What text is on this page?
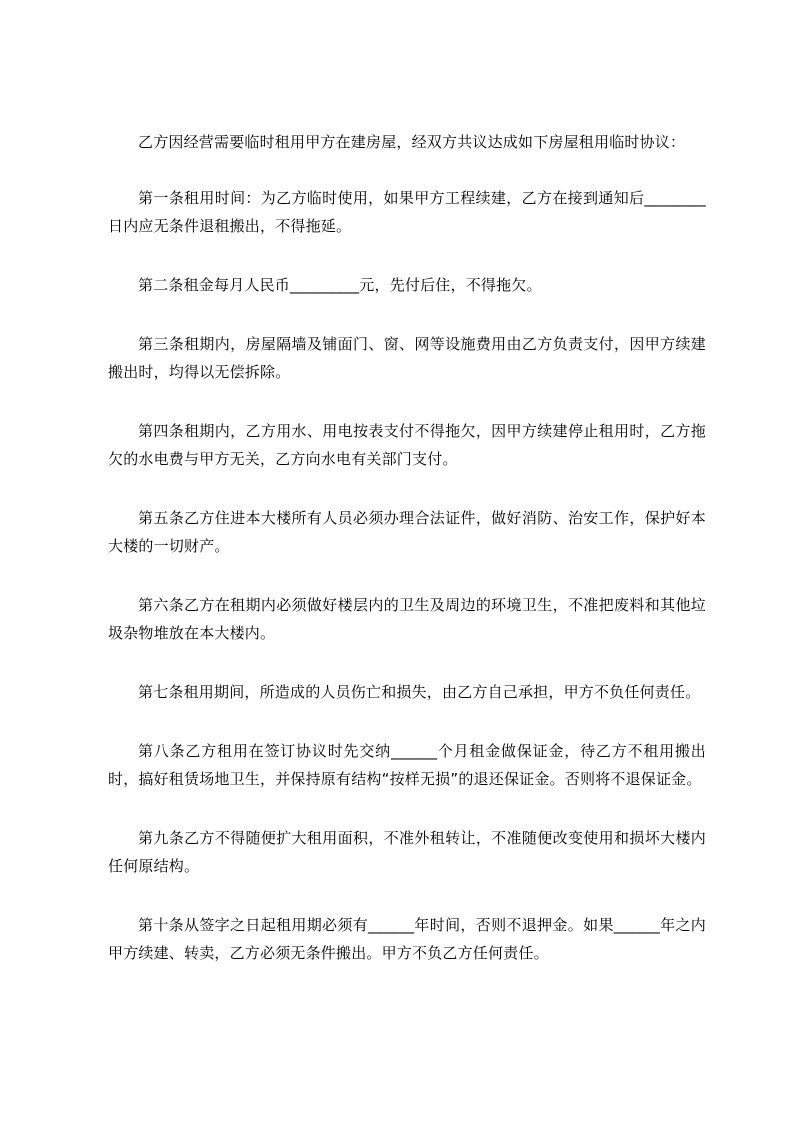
乙方因经营需要临时租用甲方在建房屋，经双方共议达成如下房屋租用临时协议：

第一条租用时间：为乙方临时使用，如果甲方工程续建，乙方在接到通知后________日内应无条件退租搬出，不得拖延。

第二条租金每月人民币_________元，先付后住，不得拖欠。

第三条租期内，房屋隔墙及铺面门、窗、网等设施费用由乙方负责支付，因甲方续建搬出时，均得以无偿拆除。

第四条租期内，乙方用水、用电按表支付不得拖欠，因甲方续建停止租用时，乙方拖欠的水电费与甲方无关，乙方向水电有关部门支付。

第五条乙方住进本大楼所有人员必须办理合法证件，做好消防、治安工作，保护好本大楼的一切财产。

第六条乙方在租期内必须做好楼层内的卫生及周边的环境卫生，不准把废料和其他垃圾杂物堆放在本大楼内。

第七条租用期间，所造成的人员伤亡和损失，由乙方自己承担，甲方不负任何责任。

第八条乙方租用在签订协议时先交纳______个月租金做保证金，待乙方不租用搬出时，搞好租赁场地卫生，并保持原有结构“按样无损”的退还保证金。否则将不退保证金。

第九条乙方不得随便扩大租用面积，不准外租转让，不准随便改变使用和损坏大楼内任何原结构。

第十条从签字之日起租用期必须有______年时间，否则不退押金。如果______年之内甲方续建、转卖，乙方必须无条件搬出。甲方不负乙方任何责任。
